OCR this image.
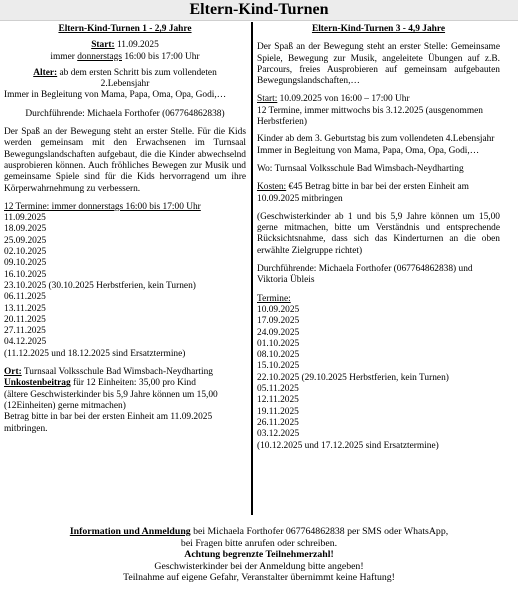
Eltern-Kind-Turnen
Eltern-Kind-Turnen 1 - 2,9 Jahre

Start: 11.09.2025

immer donnerstags 16:00 bis 17:00 Uhr

Alter: ab dem ersten Schritt bis zum vollendeten

2.Lebensjahr

Immer in Begleitung von Mama, Papa, Oma, Opa, Godi,…

Durchführende: Michaela Forthofer (067764862838)

Der Spaß an der Bewegung steht an erster Stelle. Für die Kids werden gemeinsam mit den Erwachsenen im Turnsaal Bewegungslandschaften aufgebaut, die die Kinder abwechselnd ausprobieren können. Auch fröhliches Bewegen zur Musik und gemeinsame Spiele sind für die Kids hervorragend um ihre Körperwahrnehmung zu verbessern.

12 Termine: immer donnerstags 16:00 bis 17:00 Uhr

11.09.2025
18.09.2025
25.09.2025
02.10.2025
09.10.2025
16.10.2025
23.10.2025 (30.10.2025 Herbstferien, kein Turnen)
06.11.2025
13.11.2025
20.11.2025
27.11.2025
04.12.2025
(11.12.2025 und 18.12.2025 sind Ersatztermine)

Ort: Turnsaal Volksschule Bad Wimsbach-Neydharting

Unkostenbeitrag für 12 Einheiten: 35,00 pro Kind

(ältere Geschwisterkinder bis 5,9 Jahre können um 15,00 (12Einheiten) gerne mitmachen)

Betrag bitte in bar bei der ersten Einheit am 11.09.2025 mitbringen.

Eltern-Kind-Turnen 3 - 4,9 Jahre

Der Spaß an der Bewegung steht an erster Stelle: Gemeinsame Spiele, Bewegung zur Musik, angeleitete Übungen auf z.B. Parcours, freies Ausprobieren auf gemeinsam aufgebauten Bewegungslandschaften,…

Start: 10.09.2025 von 16:00 – 17:00 Uhr

12 Termine, immer mittwochs bis 3.12.2025 (ausgenommen Herbstferien)

Kinder ab dem 3. Geburtstag bis zum vollendeten 4.Lebensjahr

Immer in Begleitung von Mama, Papa, Oma, Opa, Godi,…

Wo: Turnsaal Volksschule Bad Wimsbach-Neydharting

Kosten: €45 Betrag bitte in bar bei der ersten Einheit am 10.09.2025 mitbringen

(Geschwisterkinder ab 1 und bis 5,9 Jahre können um 15,00 gerne mitmachen, bitte um Verständnis und entsprechende Rücksichtsnahme, dass sich das Kinderturnen an die oben erwählte Zielgruppe richtet)

Durchführende: Michaela Forthofer (067764862838) und Viktoria Übleis

Termine:

10.09.2025
17.09.2025
24.09.2025
01.10.2025
08.10.2025
15.10.2025
22.10.2025 (29.10.2025 Herbstferien, kein Turnen)
05.11.2025
12.11.2025
19.11.2025
26.11.2025
03.12.2025
(10.12.2025 und 17.12.2025 sind Ersatztermine)

Information und Anmeldung bei Michaela Forthofer 067764862838 per SMS oder WhatsApp,

bei Fragen bitte anrufen oder schreiben.

Achtung begrenzte Teilnehmerzahl!

Geschwisterkinder bei der Anmeldung bitte angeben!

Teilnahme auf eigene Gefahr, Veranstalter übernimmt keine Haftung!
